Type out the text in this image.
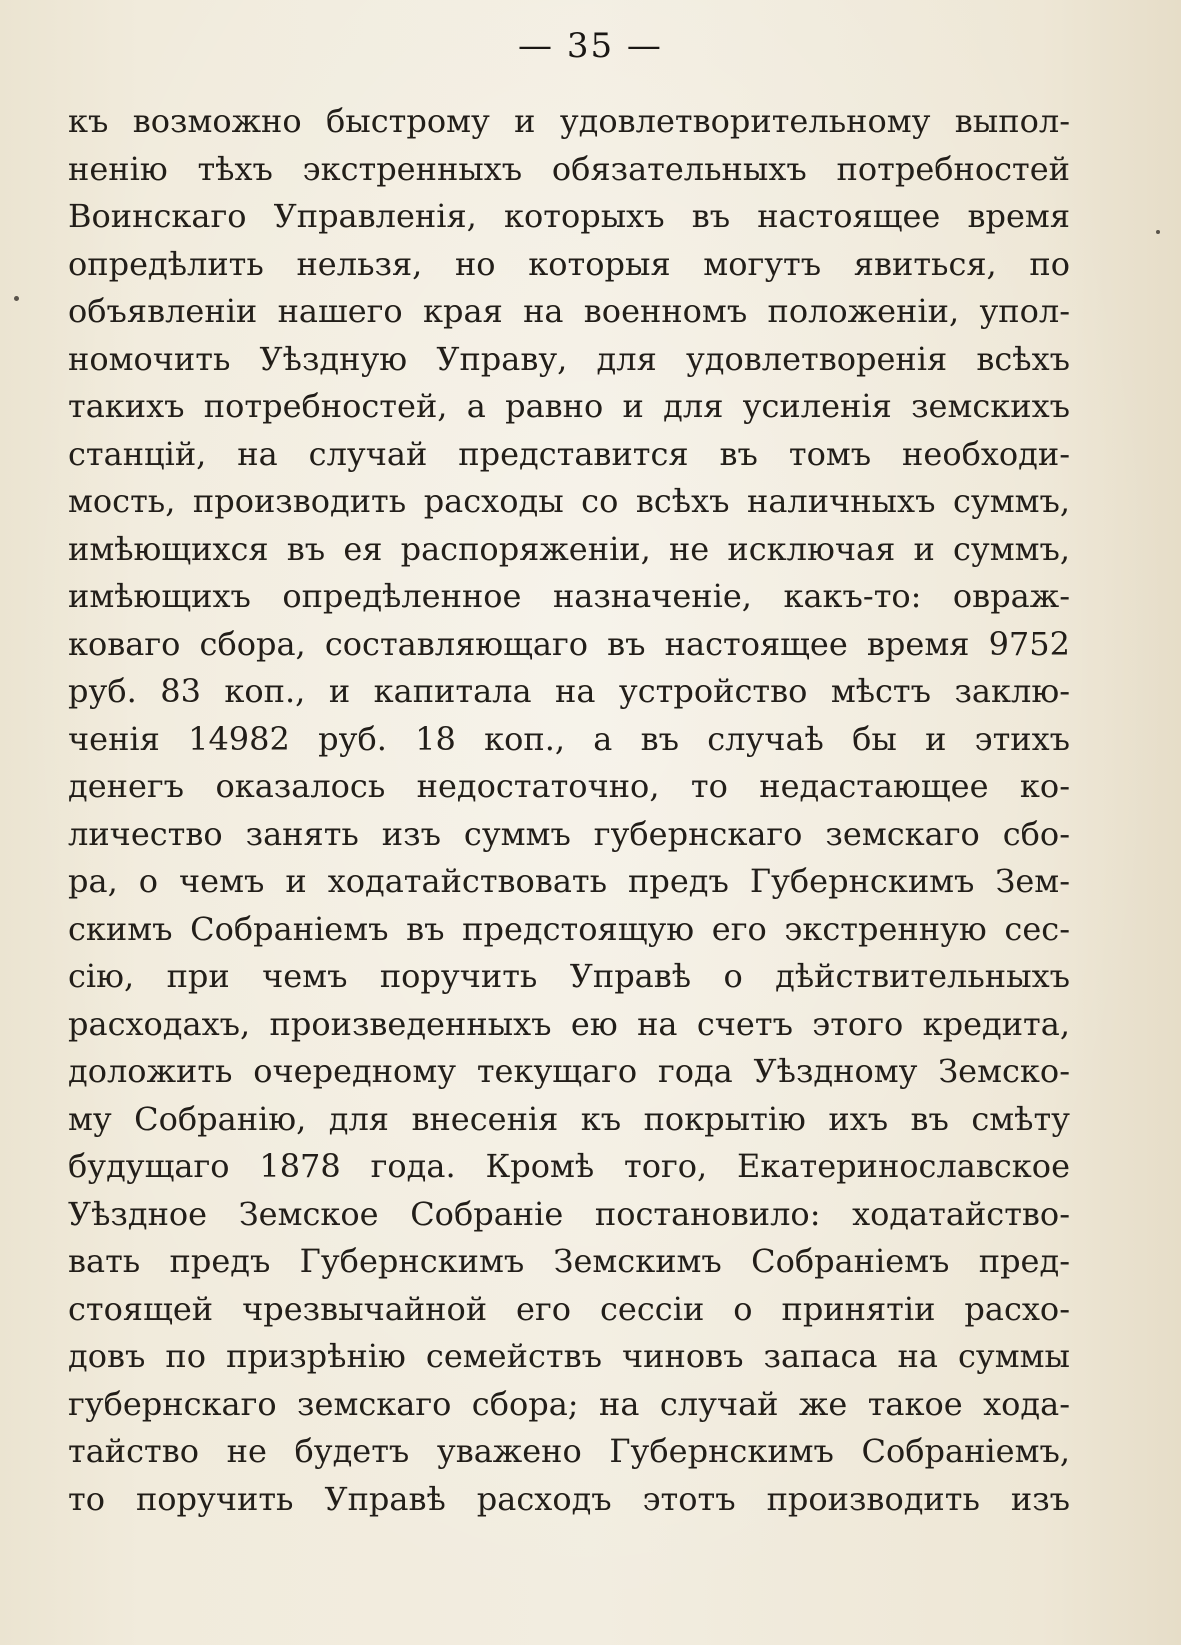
— 35 —
къ возможно быстрому и удовлетворительному выпол-
ненію тѣхъ экстренныхъ обязательныхъ потребностей
Воинскаго Управленія, которыхъ въ настоящее время
опредѣлить нельзя, но которыя могутъ явиться, по
объявленіи нашего края на военномъ положеніи, упол-
номочить Уѣздную Управу, для удовлетворенія всѣхъ
такихъ потребностей, а равно и для усиленія земскихъ
станцій, на случай представится въ томъ необходи-
мость, производить расходы со всѣхъ наличныхъ суммъ,
имѣющихся въ ея распоряженіи, не исключая и суммъ,
имѣющихъ опредѣленное назначеніе, какъ-то: овраж-
коваго сбора, составляющаго въ настоящее время 9752
руб. 83 коп., и капитала на устройство мѣстъ заклю-
ченія 14982 руб. 18 коп., а въ случаѣ бы и этихъ
денегъ оказалось недостаточно, то недастающее ко-
личество занять изъ суммъ губернскаго земскаго сбо-
ра, о чемъ и ходатайствовать предъ Губернскимъ Зем-
скимъ Собраніемъ въ предстоящую его экстренную сес-
сію, при чемъ поручить Управѣ о дѣйствительныхъ
расходахъ, произведенныхъ ею на счетъ этого кредита,
доложить очередному текущаго года Уѣздному Земско-
му Собранію, для внесенія къ покрытію ихъ въ смѣту
будущаго 1878 года. Кромѣ того, Екатеринославское
Уѣздное Земское Собраніе постановило: ходатайство-
вать предъ Губернскимъ Земскимъ Собраніемъ пред-
стоящей чрезвычайной его сессіи о принятіи расхо-
довъ по призрѣнію семействъ чиновъ запаса на суммы
губернскаго земскаго сбора; на случай же такое хода-
тайство не будетъ уважено Губернскимъ Собраніемъ,
то поручить Управѣ расходъ этотъ производить изъ
